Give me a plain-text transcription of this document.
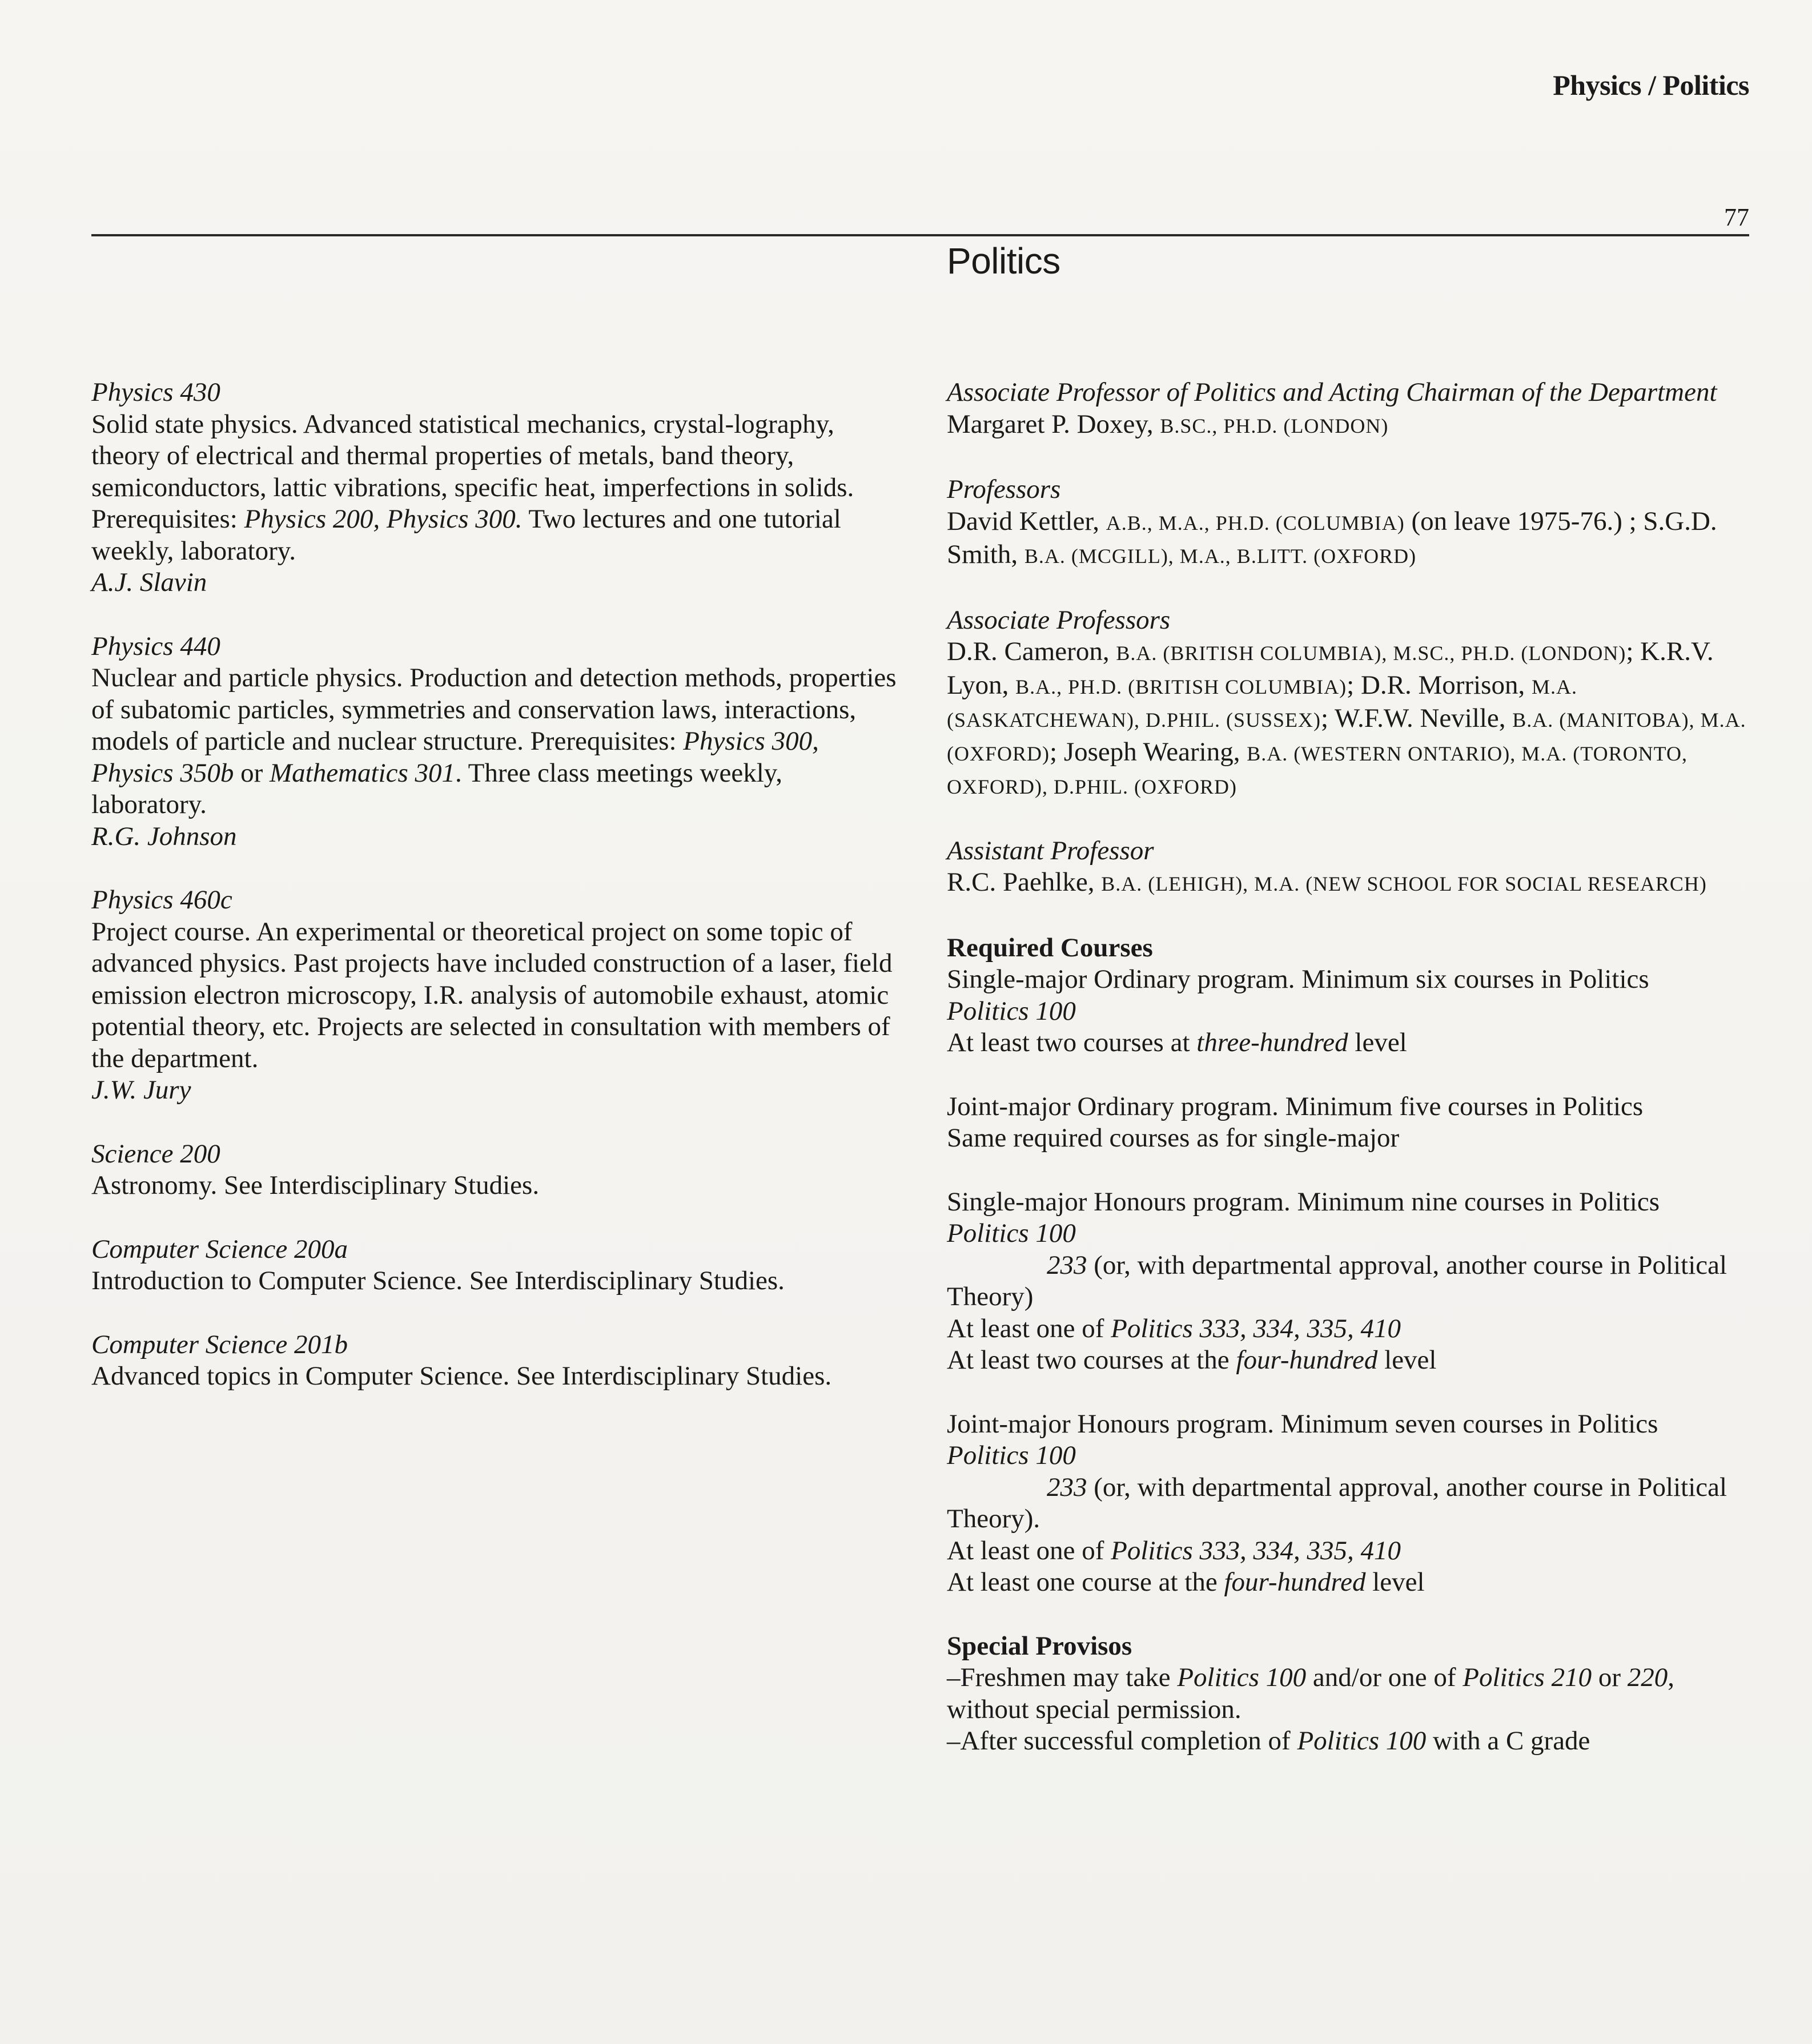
Physics / Politics
77
Politics

Physics 430

Solid state physics. Advanced statistical mechanics, crystal-lography, theory of electrical and thermal properties of metals, band theory, semiconductors, lattic vibrations, specific heat, imperfections in solids. Prerequisites: Physics 200, Physics 300. Two lectures and one tutorial weekly, laboratory.

A.J. Slavin

Physics 440

Nuclear and particle physics. Production and detection methods, properties of subatomic particles, symmetries and conservation laws, interactions, models of particle and nuclear structure. Prerequisites: Physics 300, Physics 350b or Mathematics 301. Three class meetings weekly, laboratory.

R.G. Johnson

Physics 460c

Project course. An experimental or theoretical project on some topic of advanced physics. Past projects have included construction of a laser, field emission electron microscopy, I.R. analysis of automobile exhaust, atomic potential theory, etc. Projects are selected in consultation with members of the department.

J.W. Jury

Science 200

Astronomy. See Interdisciplinary Studies.

Computer Science 200a

Introduction to Computer Science. See Interdisciplinary Studies.

Computer Science 201b

Advanced topics in Computer Science. See Interdisciplinary Studies.

Associate Professor of Politics and Acting Chairman of the Department

Margaret P. Doxey, B.SC., PH.D. (LONDON)

Professors

David Kettler, A.B., M.A., PH.D. (COLUMBIA) (on leave 1975-76.) ; S.G.D. Smith, B.A. (MCGILL), M.A., B.LITT. (OXFORD)

Associate Professors

D.R. Cameron, B.A. (BRITISH COLUMBIA), M.SC., PH.D. (LONDON); K.R.V. Lyon, B.A., PH.D. (BRITISH COLUMBIA); D.R. Morrison, M.A. (SASKATCHEWAN), D.PHIL. (SUSSEX); W.F.W. Neville, B.A. (MANITOBA), M.A. (OXFORD); Joseph Wearing, B.A. (WESTERN ONTARIO), M.A. (TORONTO, OXFORD), D.PHIL. (OXFORD)

Assistant Professor

R.C. Paehlke, B.A. (LEHIGH), M.A. (NEW SCHOOL FOR SOCIAL RESEARCH)

Required Courses

Single-major Ordinary program. Minimum six courses in Politics

Politics 100

At least two courses at three-hundred level

Joint-major Ordinary program. Minimum five courses in Politics

Same required courses as for single-major

Single-major Honours program. Minimum nine courses in Politics

Politics 100

233 (or, with departmental approval, another course in Political Theory)

At least one of Politics 333, 334, 335, 410

At least two courses at the four-hundred level

Joint-major Honours program. Minimum seven courses in Politics

Politics 100

233 (or, with departmental approval, another course in Political Theory).

At least one of Politics 333, 334, 335, 410

At least one course at the four-hundred level

Special Provisos

–Freshmen may take Politics 100 and/or one of Politics 210 or 220, without special permission.

–After successful completion of Politics 100 with a C grade
